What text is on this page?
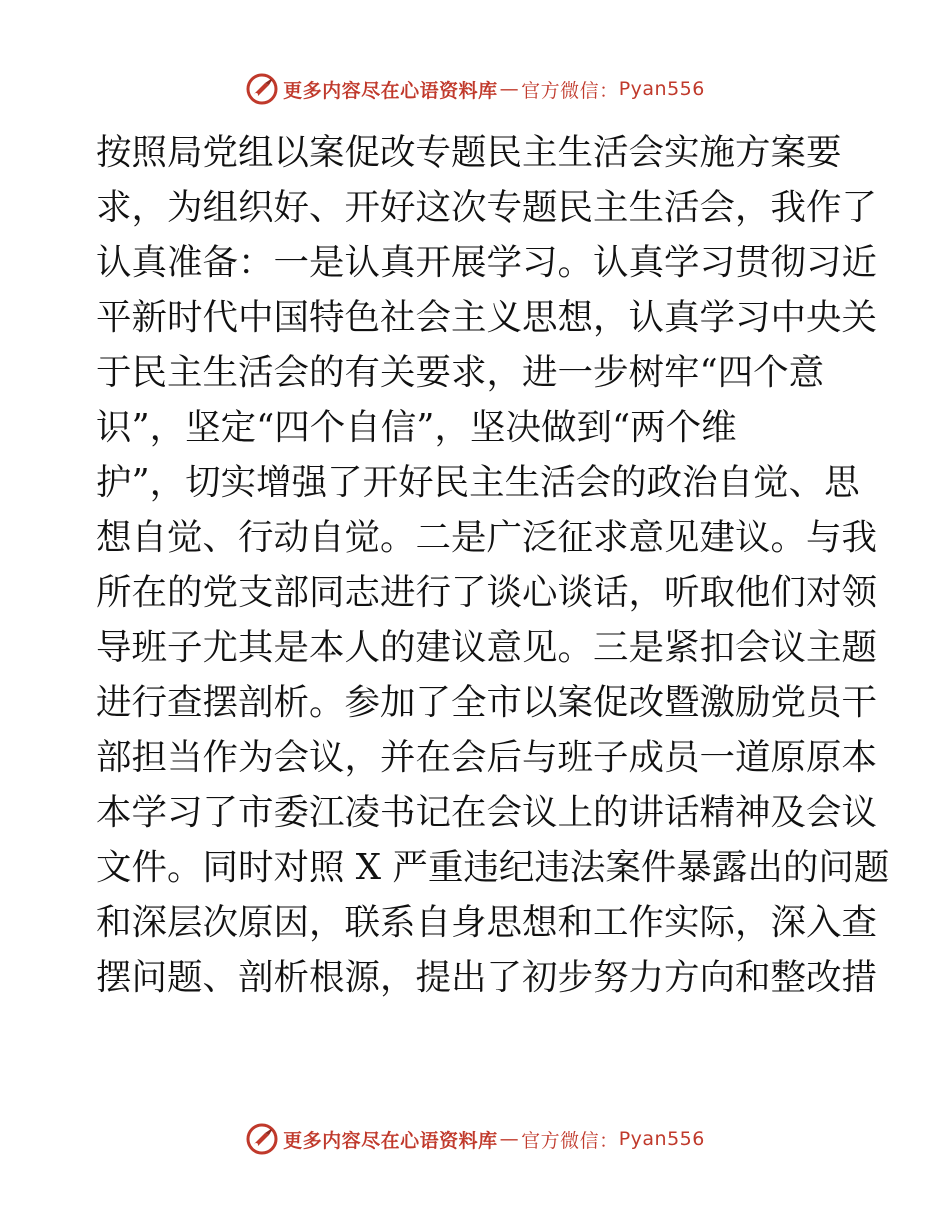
更多内容尽在心语资料库 — 官方微信： Pyan556
按照局党组以案促改专题民主生活会实施方案要
求，为组织好、开好这次专题民主生活会，我作了
认真准备：一是认真开展学习。认真学习贯彻习近
平新时代中国特色社会主义思想，认真学习中央关
于民主生活会的有关要求，进一步树牢“四个意
识”，坚定“四个自信”，坚决做到“两个维
护”，切实增强了开好民主生活会的政治自觉、思
想自觉、行动自觉。二是广泛征求意见建议。与我
所在的党支部同志进行了谈心谈话，听取他们对领
导班子尤其是本人的建议意见。三是紧扣会议主题
进行查摆剖析。参加了全市以案促改暨激励党员干
部担当作为会议，并在会后与班子成员一道原原本
本学习了市委江凌书记在会议上的讲话精神及会议
文件。同时对照 X 严重违纪违法案件暴露出的问题
和深层次原因，联系自身思想和工作实际，深入查
摆问题、剖析根源，提出了初步努力方向和整改措
更多内容尽在心语资料库 — 官方微信： Pyan556
